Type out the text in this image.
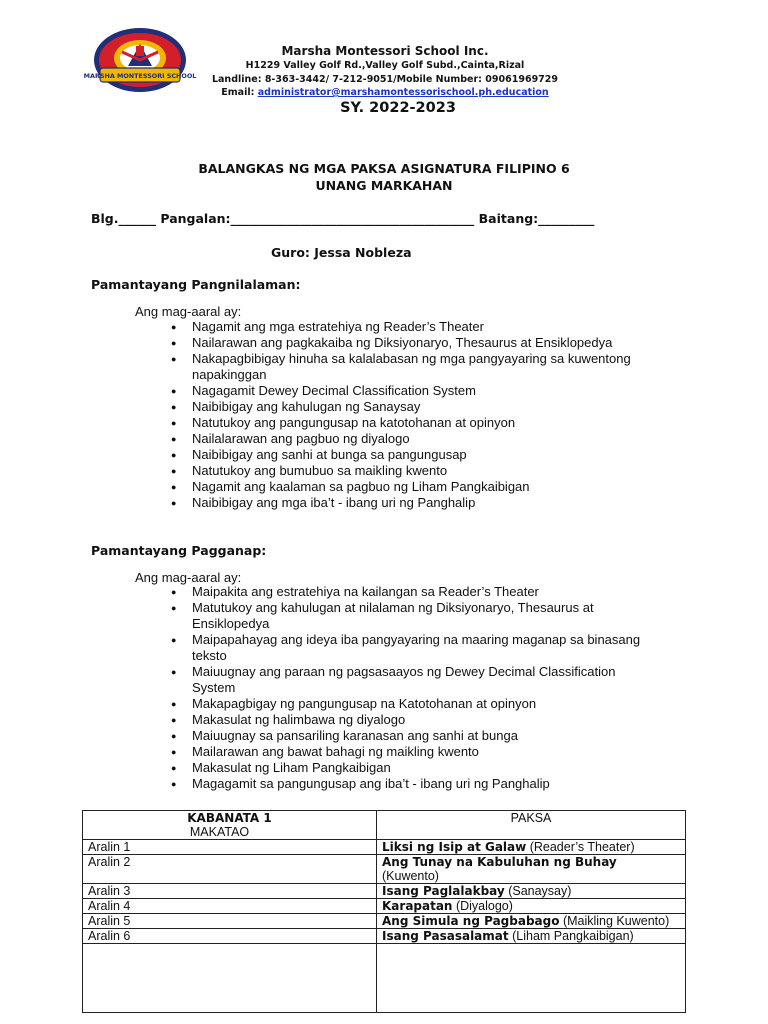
MARSHA MONTESSORI SCHOOL
Marsha Montessori School Inc.
H1229 Valley Golf Rd.,Valley Golf Subd.,Cainta,Rizal
Landline: 8-363-3442/ 7-212-9051/Mobile Number: 09061969729
Email: administrator@marshamontessorischool.ph.education
SY. 2022-2023
BALANGKAS NG MGA PAKSA ASIGNATURA FILIPINO 6
UNANG MARKAHAN
Blg.______ Pangalan:_______________________________________ Baitang:_________
Guro: Jessa Nobleza
Pamantayang Pangnilalaman:
Ang mag-aaral ay:
● Nagamit ang mga estratehiya ng Reader’s Theater
● Nailarawan ang pagkakaiba ng Diksiyonaryo, Thesaurus at Ensiklopedya
● Nakapagbibigay hinuha sa kalalabasan ng mga pangyayaring sa kuwentong napakinggan
● Nagagamit Dewey Decimal Classification System
● Naibibigay ang kahulugan ng Sanaysay
● Natutukoy ang pangungusap na katotohanan at opinyon
● Nailalarawan ang pagbuo ng diyalogo
● Naibibigay ang sanhi at bunga sa pangungusap
● Natutukoy ang bumubuo sa maikling kwento
● Nagamit ang kaalaman sa pagbuo ng Liham Pangkaibigan
● Naibibigay ang mga iba’t - ibang uri ng Panghalip
Pamantayang Pagganap:
Ang mag-aaral ay:
● Maipakita ang estratehiya na kailangan sa Reader’s Theater
● Matutukoy ang kahulugan at nilalaman ng Diksiyonaryo, Thesaurus at Ensiklopedya
● Maipapahayag ang ideya iba pangyayaring na maaring maganap sa binasang teksto
● Maiuugnay ang paraan ng pagsasaayos ng Dewey Decimal Classification System
● Makapagbigay ng pangungusap na Katotohanan at opinyon
● Makasulat ng halimbawa ng diyalogo
● Maiuugnay sa pansariling karanasan ang sanhi at bunga
● Mailarawan ang bawat bahagi ng maikling kwento
● Makasulat ng Liham Pangkaibigan
● Magagamit sa pangungusap ang iba’t - ibang uri ng Panghalip
KABANATA 1
MAKATAO	PAKSA

Aralin 1	Liksi ng Isip at Galaw (Reader’s Theater)
Aralin 2	Ang Tunay na Kabuluhan ng Buhay
(Kuwento)
Aralin 3	Isang Paglalakbay (Sanaysay)
Aralin 4	Karapatan (Diyalogo)
Aralin 5	Ang Simula ng Pagbabago (Maikling Kuwento)
Aralin 6	Isang Pasasalamat (Liham Pangkaibigan)
